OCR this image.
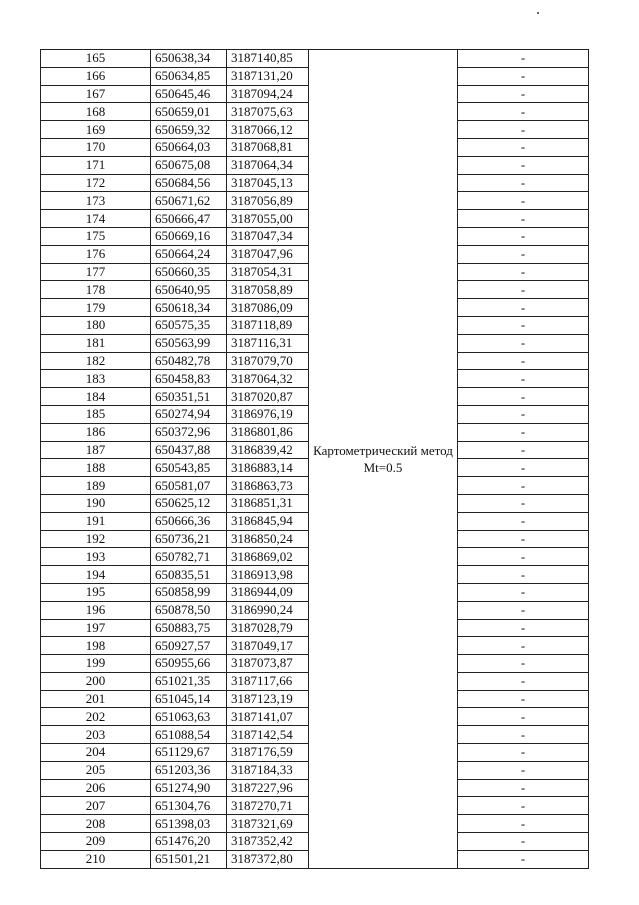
165	650638,34	3187140,85	Картометрический метод Mt=0.5	-
166	650634,85	3187131,20		-
167	650645,46	3187094,24		-
168	650659,01	3187075,63		-
169	650659,32	3187066,12		-
170	650664,03	3187068,81		-
171	650675,08	3187064,34		-
172	650684,56	3187045,13		-
173	650671,62	3187056,89		-
174	650666,47	3187055,00		-
175	650669,16	3187047,34		-
176	650664,24	3187047,96		-
177	650660,35	3187054,31		-
178	650640,95	3187058,89		-
179	650618,34	3187086,09		-
180	650575,35	3187118,89		-
181	650563,99	3187116,31		-
182	650482,78	3187079,70		-
183	650458,83	3187064,32		-
184	650351,51	3187020,87		-
185	650274,94	3186976,19		-
186	650372,96	3186801,86		-
187	650437,88	3186839,42		-
188	650543,85	3186883,14		-
189	650581,07	3186863,73		-
190	650625,12	3186851,31		-
191	650666,36	3186845,94		-
192	650736,21	3186850,24		-
193	650782,71	3186869,02		-
194	650835,51	3186913,98		-
195	650858,99	3186944,09		-
196	650878,50	3186990,24		-
197	650883,75	3187028,79		-
198	650927,57	3187049,17		-
199	650955,66	3187073,87		-
200	651021,35	3187117,66		-
201	651045,14	3187123,19		-
202	651063,63	3187141,07		-
203	651088,54	3187142,54		-
204	651129,67	3187176,59		-
205	651203,36	3187184,33		-
206	651274,90	3187227,96		-
207	651304,76	3187270,71		-
208	651398,03	3187321,69		-
209	651476,20	3187352,42		-
210	651501,21	3187372,80		-
